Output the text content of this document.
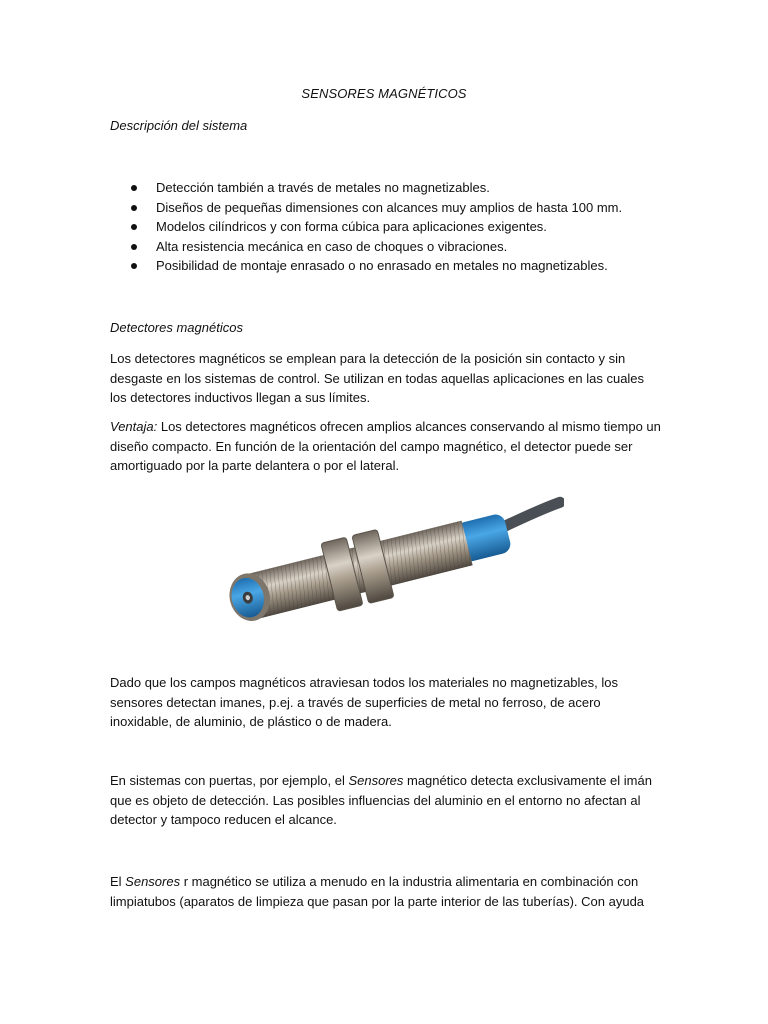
SENSORES MAGNÉTICOS
Descripción del sistema
Detección también a través de metales no magnetizables.
Diseños de pequeñas dimensiones con alcances muy amplios de hasta 100 mm.
Modelos cilíndricos y con forma cúbica para aplicaciones exigentes.
Alta resistencia mecánica en caso de choques o vibraciones.
Posibilidad de montaje enrasado o no enrasado en metales no magnetizables.
Detectores magnéticos

Los detectores magnéticos se emplean para la detección de la posición sin contacto y sin desgaste en los sistemas de control. Se utilizan en todas aquellas aplicaciones en las cuales los detectores inductivos llegan a sus límites.

Ventaja: Los detectores magnéticos ofrecen amplios alcances conservando al mismo tiempo un diseño compacto. En función de la orientación del campo magnético, el detector puede ser amortiguado por la parte delantera o por el lateral.

Dado que los campos magnéticos atraviesan todos los materiales no magnetizables, los sensores detectan imanes, p.ej. a través de superficies de metal no ferroso, de acero inoxidable, de aluminio, de plástico o de madera.

En sistemas con puertas, por ejemplo, el Sensores magnético detecta exclusivamente el imán que es objeto de detección. Las posibles influencias del aluminio en el entorno no afectan al detector y tampoco reducen el alcance.

El Sensores r magnético se utiliza a menudo en la industria alimentaria en combinación con limpiatubos (aparatos de limpieza que pasan por la parte interior de las tuberías). Con ayuda
